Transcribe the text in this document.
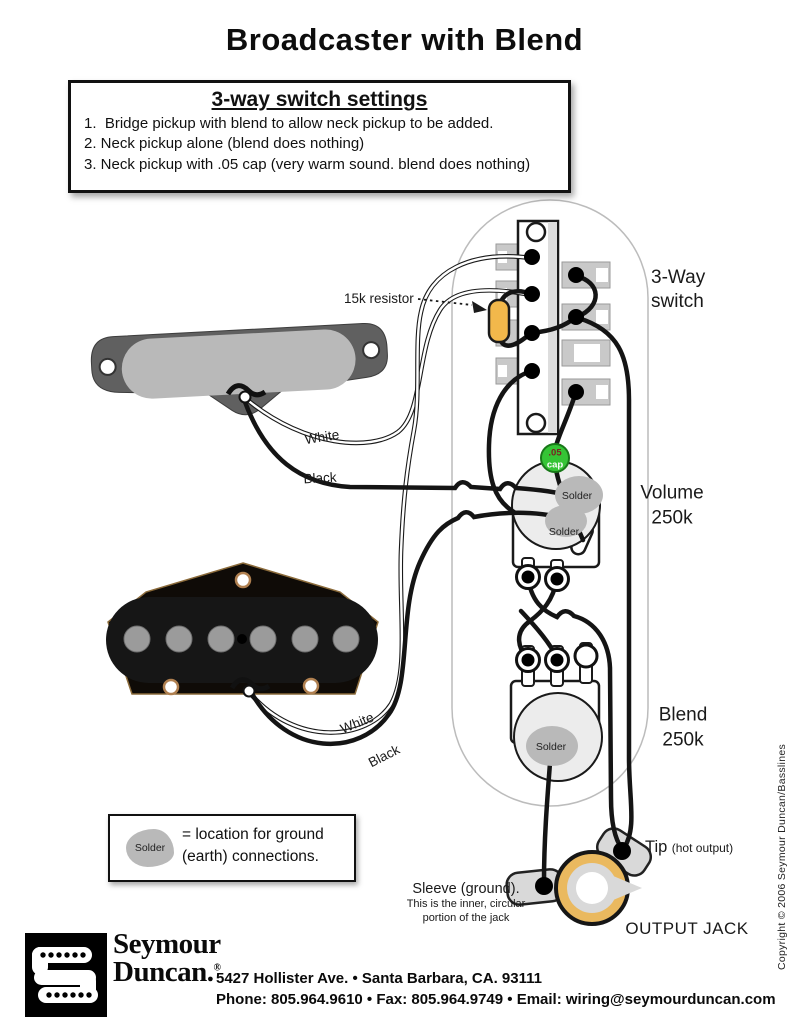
Broadcaster with Blend
3-way switch settings
1.  Bridge pickup with blend to allow neck pickup to be added.
2. Neck pickup alone (blend does nothing)
3. Neck pickup with .05 cap (very warm sound. blend does nothing)
15k resistor
3-Way
switch
Volume
250k
Blend
250k
White
Black
White
Black
Solder
Solder
Solder
.05
cap
Tip (hot output)
Sleeve (ground).
This is the inner, circular
portion of the jack
OUTPUT JACK
Solder
= location for ground
(earth) connections.	Copyright © 2006 Seymour Duncan/Basslines
Seymour
Duncan.®
5427 Hollister Ave. • Santa Barbara, CA. 93111
Phone: 805.964.9610 • Fax: 805.964.9749 • Email: wiring@seymourduncan.com
